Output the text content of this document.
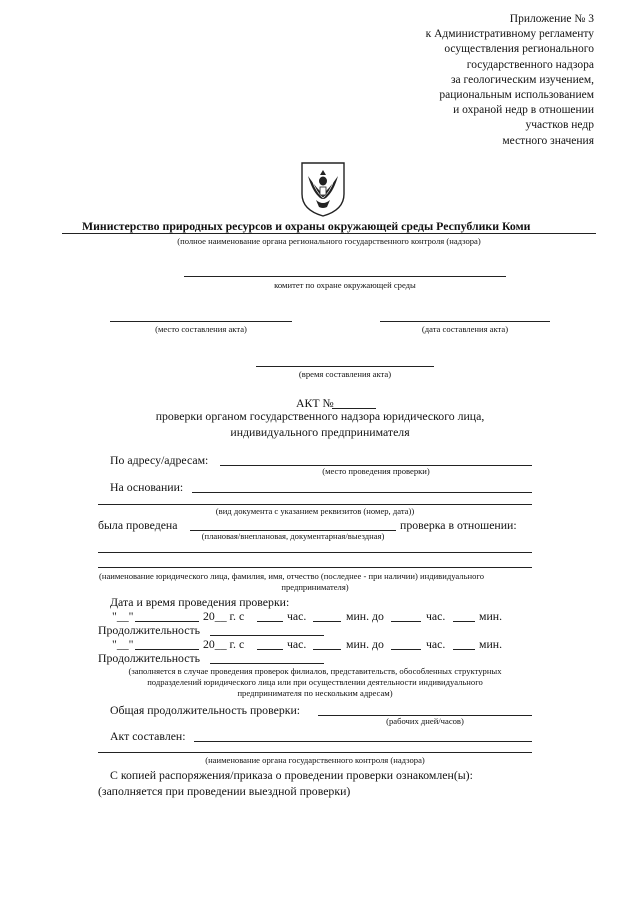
Приложение № 3
к Административному регламенту
осуществления регионального
государственного надзора
за геологическим изучением,
рациональным использованием
и охраной недр в отношении
участков недр
местного значения
Министерство природных ресурсов и охраны окружающей среды Республики Коми
(полное наименование органа регионального государственного контроля (надзора)
комитет по охране окружающей среды
(место составления акта)	(дата составления акта)
(время составления акта)
АКТ №
проверки органом государственного надзора юридического лица,
индивидуального предпринимателя
По адресу/адресам:
(место проведения проверки)
На основании:
(вид документа с указанием реквизитов (номер, дата))
была проведена	проверка в отношении:
(плановая/внеплановая, документарная/выездная)
(наименование юридического лица, фамилия, имя, отчество (последнее - при наличии) индивидуального
предпринимателя)
Дата и время проведения проверки:
"__"	20__ г. с	час.	мин. до	час.	мин.
Продолжительность
"__"	20__ г. с	час.	мин. до	час.	мин.
Продолжительность
(заполняется в случае проведения проверок филиалов, представительств, обособленных структурных
подразделений юридического лица или при осуществлении деятельности индивидуального
предпринимателя по нескольким адресам)
Общая продолжительность проверки:
(рабочих дней/часов)
Акт составлен:
(наименование органа государственного контроля (надзора)
С копией распоряжения/приказа о проведении проверки ознакомлен(ы):
(заполняется при проведении выездной проверки)
